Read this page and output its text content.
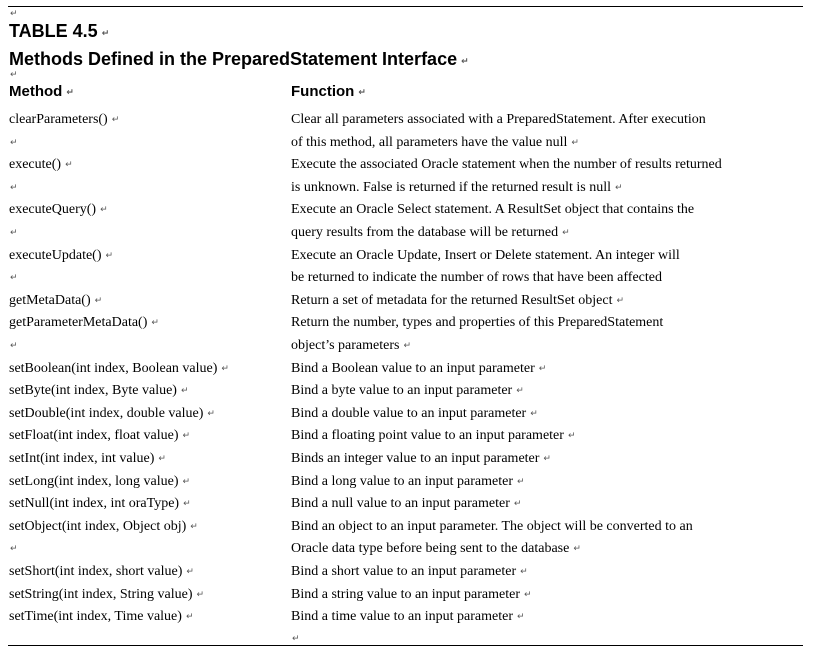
↵
TABLE 4.5 ↵
Methods Defined in the PreparedStatement Interface ↵
↵
Method ↵	Function ↵
clearParameters() ↵	Clear all parameters associated with a PreparedStatement. After execution
of this method, all parameters have the value null ↵
↵
execute() ↵	Execute the associated Oracle statement when the number of results returned
is unknown. False is returned if the returned result is null ↵
↵
executeQuery() ↵	Execute an Oracle Select statement. A ResultSet object that contains the
query results from the database will be returned ↵
↵
executeUpdate() ↵	Execute an Oracle Update, Insert or Delete statement. An integer will
be returned to indicate the number of rows that have been affected
↵
getMetaData() ↵	Return a set of metadata for the returned ResultSet object ↵
getParameterMetaData() ↵	Return the number, types and properties of this PreparedStatement
object’s parameters ↵
↵
setBoolean(int index, Boolean value) ↵	Bind a Boolean value to an input parameter ↵
setByte(int index, Byte value) ↵	Bind a byte value to an input parameter ↵
setDouble(int index, double value) ↵	Bind a double value to an input parameter ↵
setFloat(int index, float value) ↵	Bind a floating point value to an input parameter ↵
setInt(int index, int value) ↵	Binds an integer value to an input parameter ↵
setLong(int index, long value) ↵	Bind a long value to an input parameter ↵
setNull(int index, int oraType) ↵	Bind a null value to an input parameter ↵
setObject(int index, Object obj) ↵	Bind an object to an input parameter. The object will be converted to an
Oracle data type before being sent to the database ↵
↵
setShort(int index, short value) ↵	Bind a short value to an input parameter ↵
setString(int index, String value) ↵	Bind a string value to an input parameter ↵
setTime(int index, Time value) ↵	Bind a time value to an input parameter ↵
↵
